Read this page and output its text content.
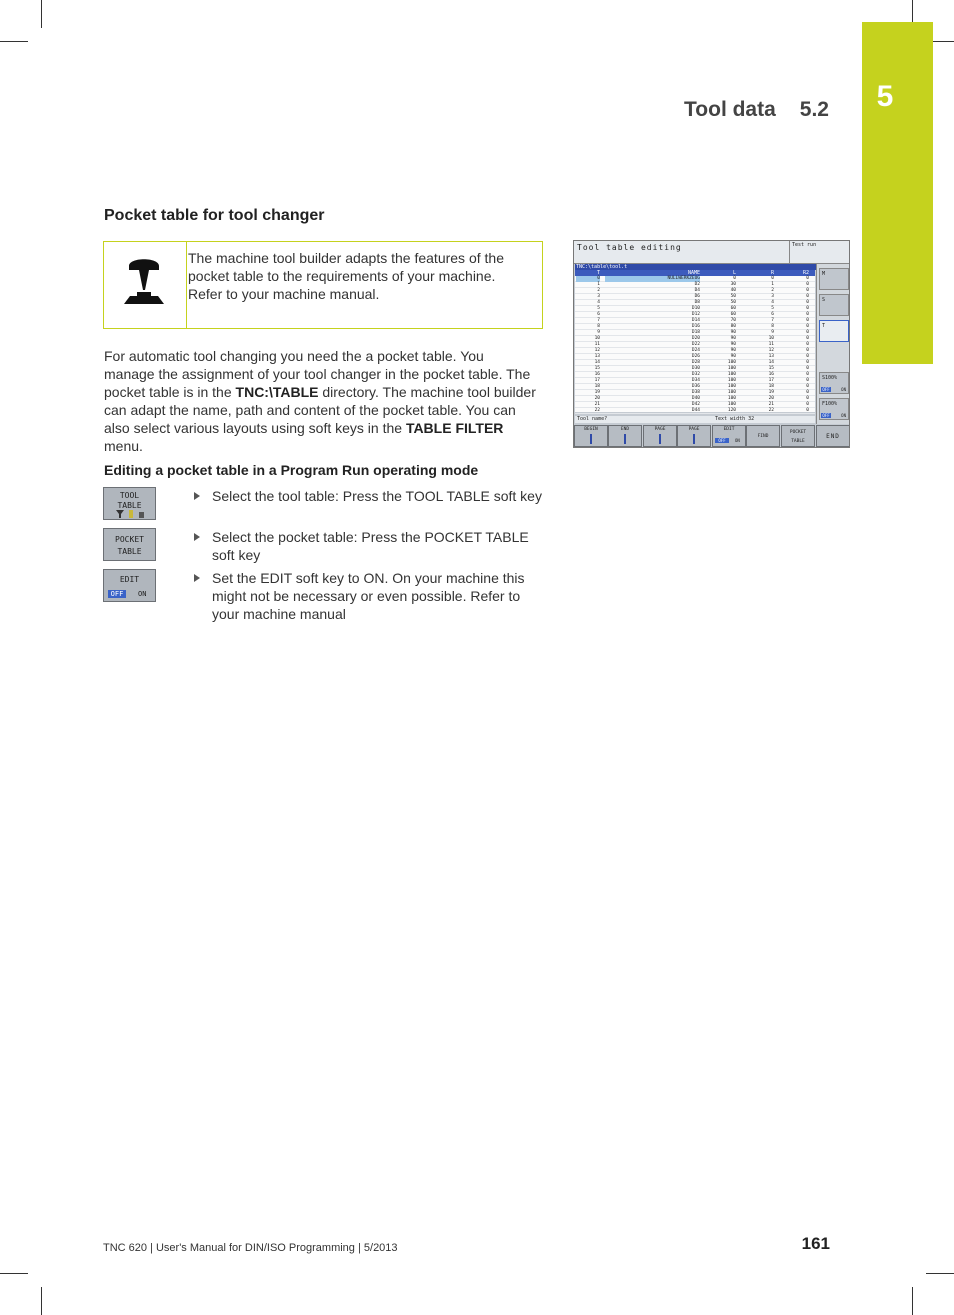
5
Tool data 5.2
Pocket table for tool changer

The machine tool builder adapts the features of the pocket table to the requirements of your machine. Refer to your machine manual.

For automatic tool changing you need the a pocket table. You manage the assignment of your tool changer in the pocket table. The pocket table is in the TNC:\TABLE directory. The machine tool builder can adapt the name, path and content of the pocket table. You can also select various layouts using soft keys in the TABLE FILTER menu.

Editing a pocket table in a Program Run operating mode
TOOL
TABLE
POCKET
TABLE
EDIT
OFF	ON
Select the tool table: Press the TOOL TABLE soft key
Select the pocket table: Press the POCKET TABLE soft key
Set the EDIT soft key to ON. On your machine this might not be necessary or even possible. Refer to your machine manual
Tool table editing	Test run
TNC:\table\tool.t
T	NAME	L	R	R2
0	NULLWERKZEUG	0	0	0
1	D2	30	1	0
2	D4	40	2	0
3	D6	50	3	0
4	D8	50	4	0
5	D10	60	5	0
6	D12	60	6	0
7	D14	70	7	0
8	D16	80	8	0
9	D18	90	9	0
10	D20	90	10	0
11	D22	90	11	0
12	D24	90	12	0
13	D26	90	13	0
14	D28	100	14	0
15	D30	100	15	0
16	D32	100	16	0
17	D34	100	17	0
18	D36	100	18	0
19	D38	100	19	0
20	D40	100	20	0
21	D42	100	21	0
22	D44	120	22	0
Tool name?	Text width 32
M
S
T
S100%
OFF	ON
F100%
OFF	ON
BEGIN	END	PAGE	PAGE	EDIT
OFF	ON
FIND
POCKET TABLE
END
TNC 620 | User's Manual for DIN/ISO Programming | 5/2013	161
